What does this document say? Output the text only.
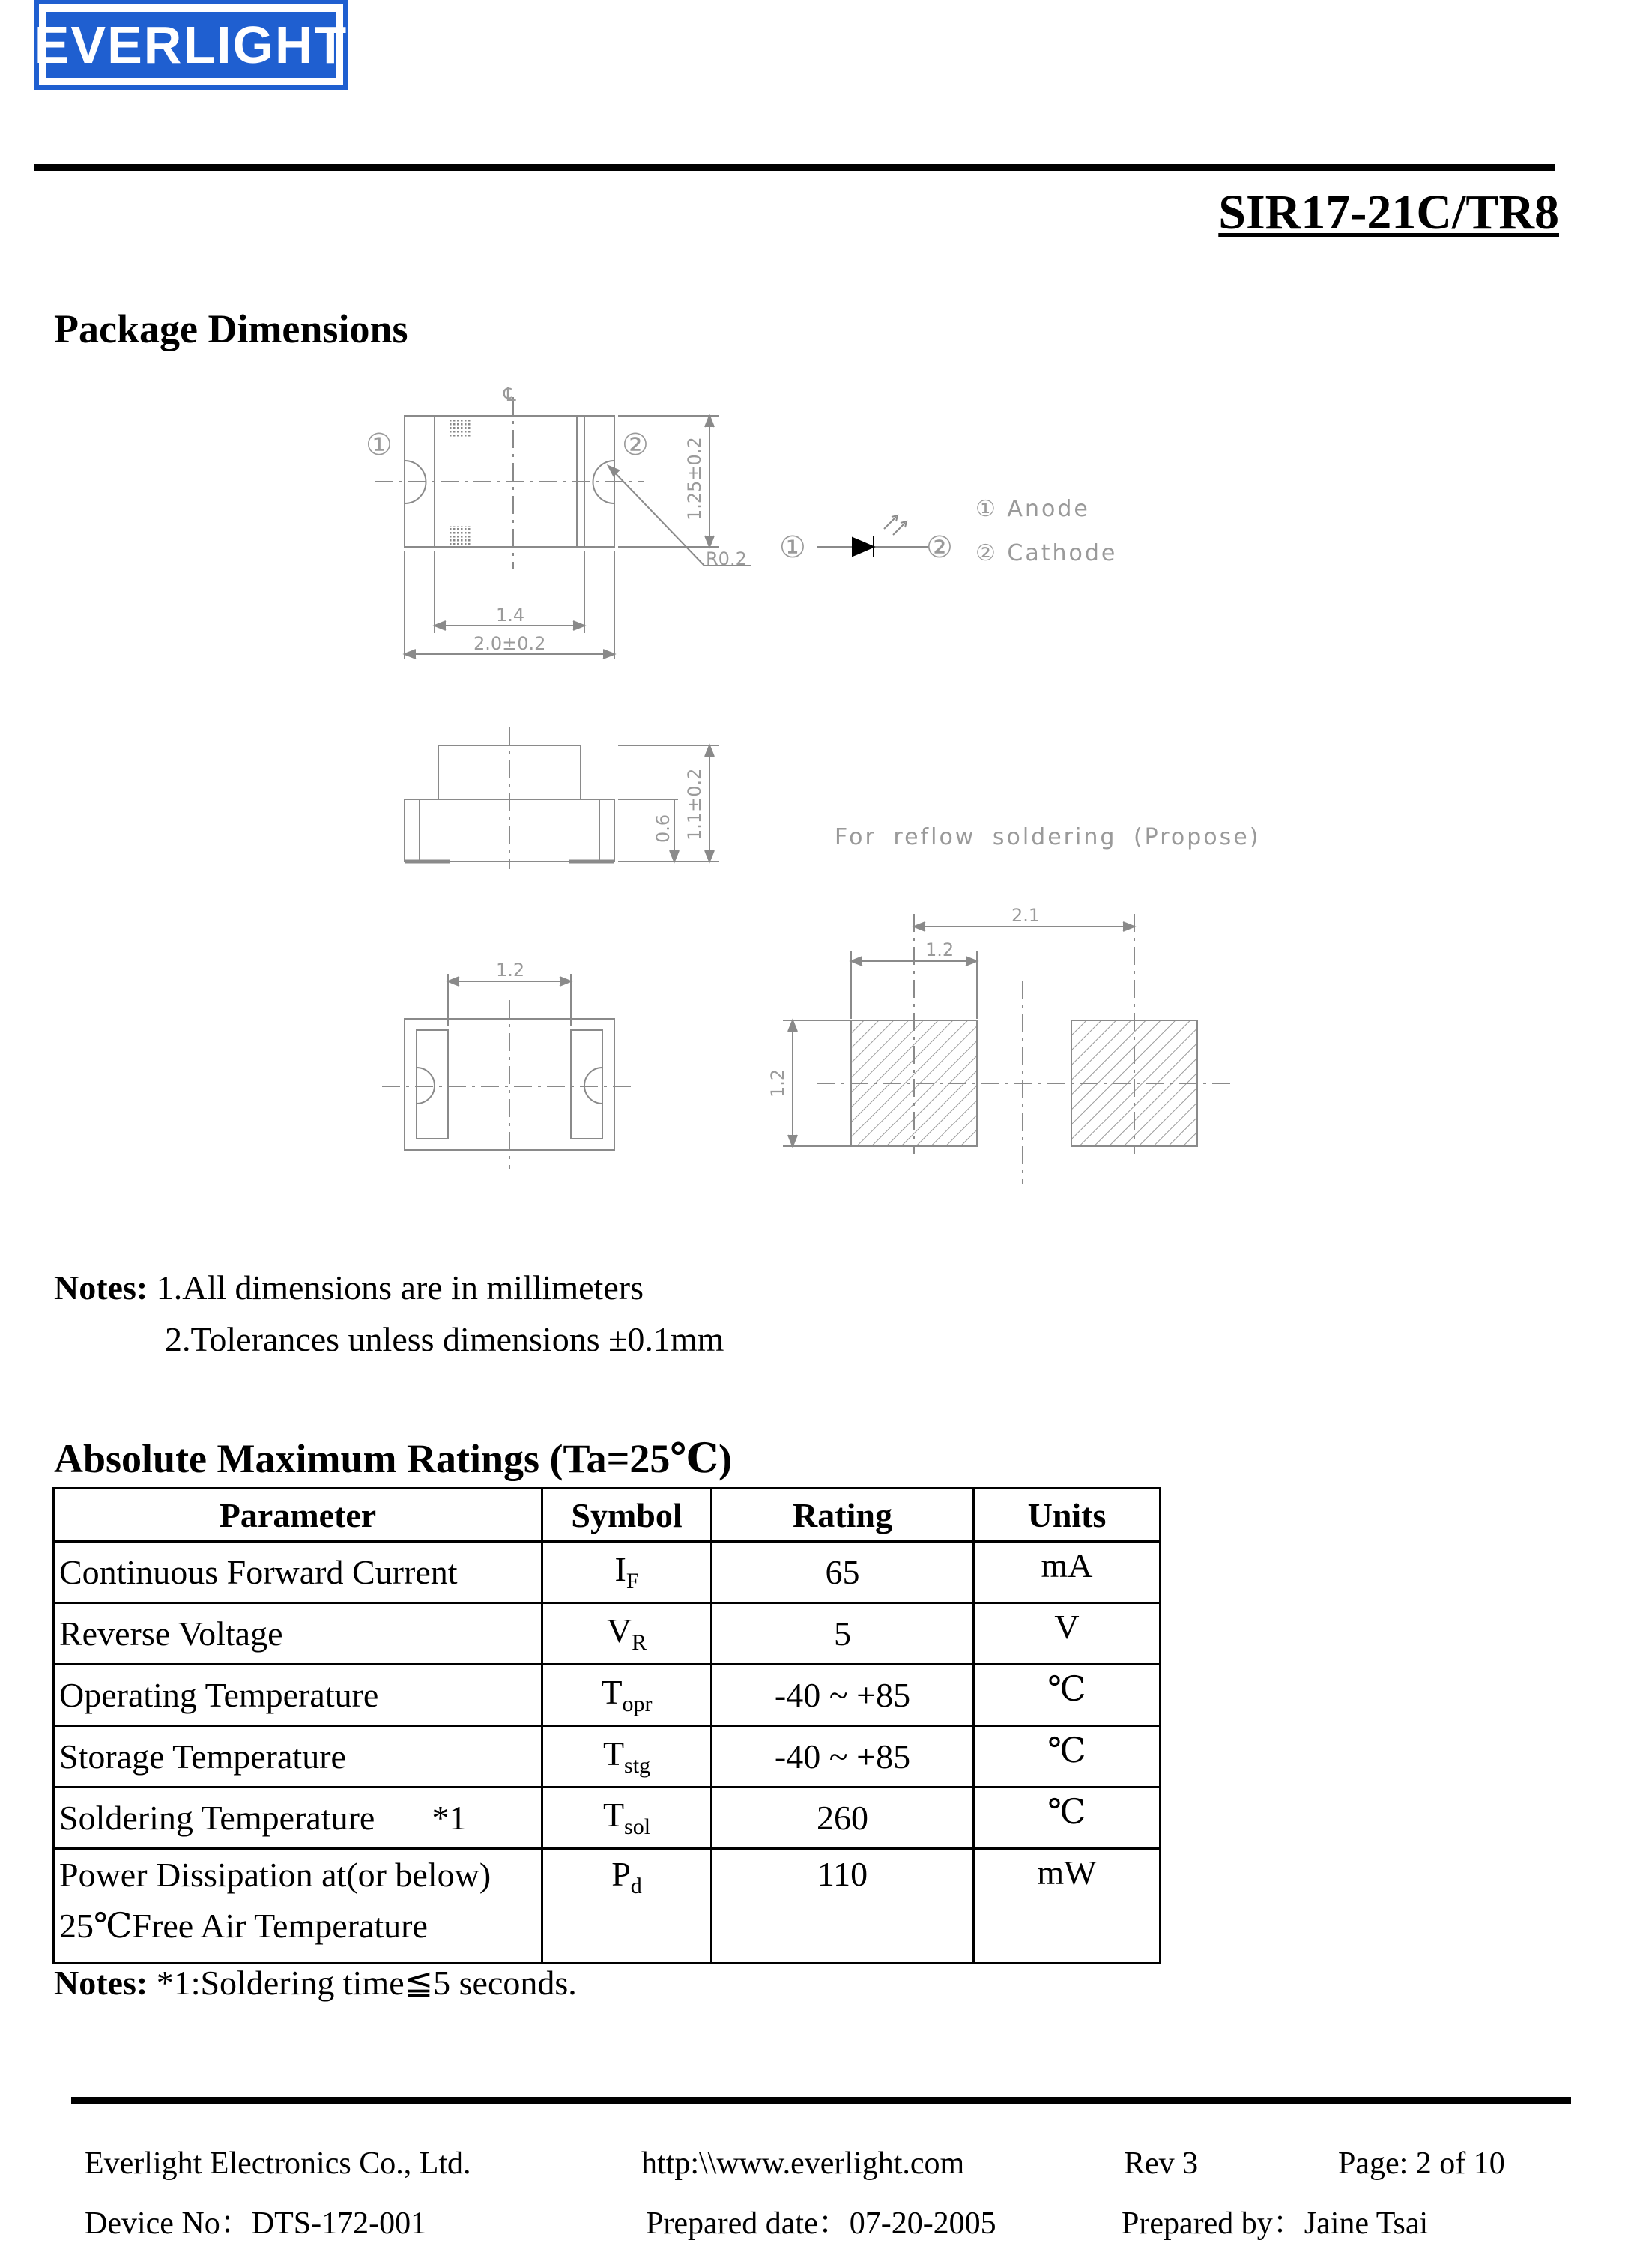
EVERLIGHT
SIR17-21C/TR8
Package Dimensions
℄
①	② 1.25±0.2
R0.2
1.4
2.0±0.2
①	②
① Anode
② Cathode
0.6 1.1±0.2	For reflow soldering (Propose)
1.2
2.1
1.2
1.2
Notes: 1.All dimensions are in millimeters
2.Tolerances unless dimensions ±0.1mm
Absolute Maximum Ratings (Ta=25℃)
Parameter	Symbol	Rating	Units
Continuous Forward Current	$I_F$	65	mA
Reverse Voltage	$V_R$	5	V
Operating Temperature	$T_{opr}$	-40 ~ +85	℃
Storage Temperature	$T_{stg}$	-40 ~ +85	℃
Soldering Temperature *1	$T_{sol}$	260	℃

Power Dissipation at(or below)
25℃Free Air Temperature	$P_d$	110	mW
Notes: *1:Soldering time≦5 seconds.
Everlight Electronics Co., Ltd.	http:\\www.everlight.com	Rev 3	Page: 2 of 10
Device No：DTS-172-001	Prepared date：07-20-2005	Prepared by：Jaine Tsai
